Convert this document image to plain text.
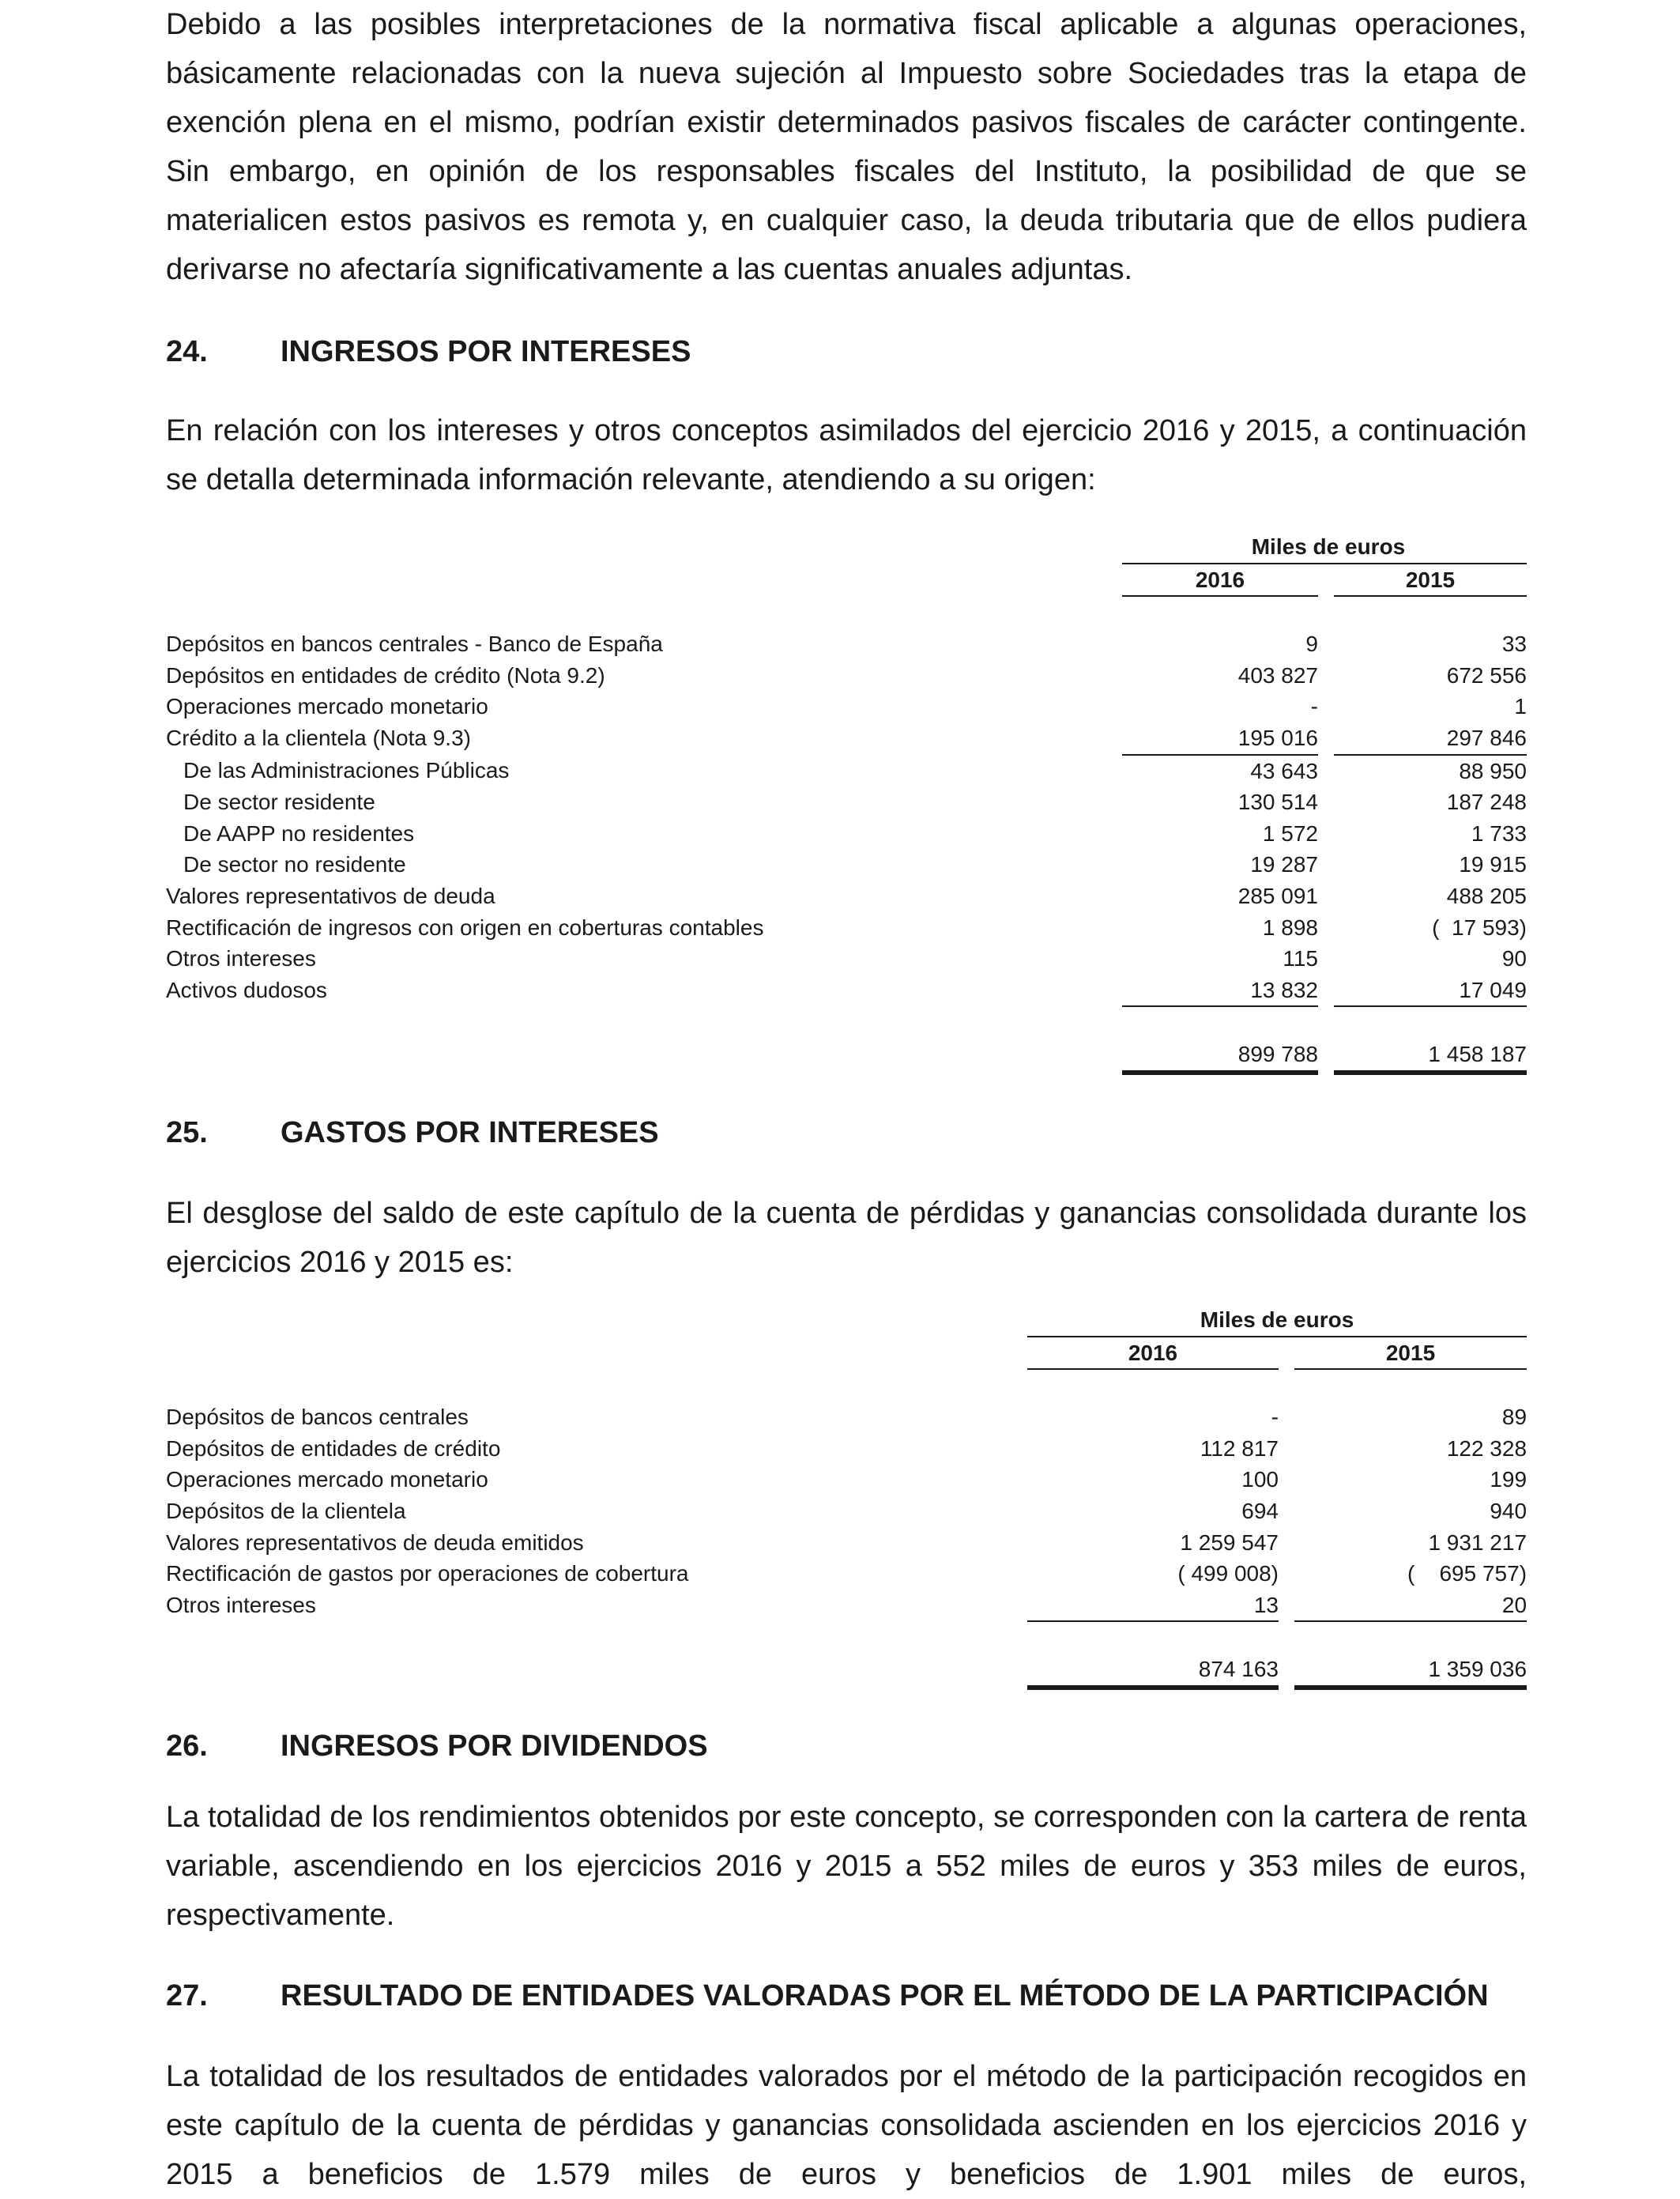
Debido a las posibles interpretaciones de la normativa fiscal aplicable a algunas operaciones, básicamente relacionadas con la nueva sujeción al Impuesto sobre Sociedades tras la etapa de exención plena en el mismo, podrían existir determinados pasivos fiscales de carácter contingente. Sin embargo, en opinión de los responsables fiscales del Instituto, la posibilidad de que se materialicen estos pasivos es remota y, en cualquier caso, la deuda tributaria que de ellos pudiera derivarse no afectaría significativamente a las cuentas anuales adjuntas.

24.	INGRESOS POR INTERESES

En relación con los intereses y otros conceptos asimilados del ejercicio 2016 y 2015, a continuación se detalla determinada información relevante, atendiendo a su origen:

	Miles de euros		
	2016		2015

Depósitos en bancos centrales - Banco de España	9		33
Depósitos en entidades de crédito (Nota 9.2)	403 827		672 556
Operaciones mercado monetario	-		1
Crédito a la clientela (Nota 9.3)	195 016		297 846
De las Administraciones Públicas	43 643		88 950
De sector residente	130 514		187 248
De AAPP no residentes	1 572		1 733
De sector no residente	19 287		19 915
Valores representativos de deuda	285 091		488 205
Rectificación de ingresos con origen en coberturas contables	1 898		(  17 593)
Otros intereses	115		90
Activos dudosos	13 832		17 049

	899 788		1 458 187
25.	GASTOS POR INTERESES

El desglose del saldo de este capítulo de la cuenta de pérdidas y ganancias consolidada durante los ejercicios 2016 y 2015 es:

	Miles de euros		
	2016		2015

Depósitos de bancos centrales	-		89
Depósitos de entidades de crédito	112 817		122 328
Operaciones mercado monetario	100		199
Depósitos de la clientela	694		940
Valores representativos de deuda emitidos	1 259 547		1 931 217
Rectificación de gastos por operaciones de cobertura	( 499 008)		(    695 757)
Otros intereses	13		20

	874 163		1 359 036
26.	INGRESOS POR DIVIDENDOS

La totalidad de los rendimientos obtenidos por este concepto, se corresponden con la cartera de renta variable, ascendiendo en los ejercicios 2016 y 2015 a 552 miles de euros y 353 miles de euros, respectivamente.

27.	RESULTADO DE ENTIDADES VALORADAS POR EL MÉTODO DE LA PARTICIPACIÓN

La totalidad de los resultados de entidades valorados por el método de la participación recogidos en este capítulo de la cuenta de pérdidas y ganancias consolidada ascienden en los ejercicios 2016 y 2015 a beneficios de 1.579 miles de euros y beneficios de 1.901 miles de euros,
